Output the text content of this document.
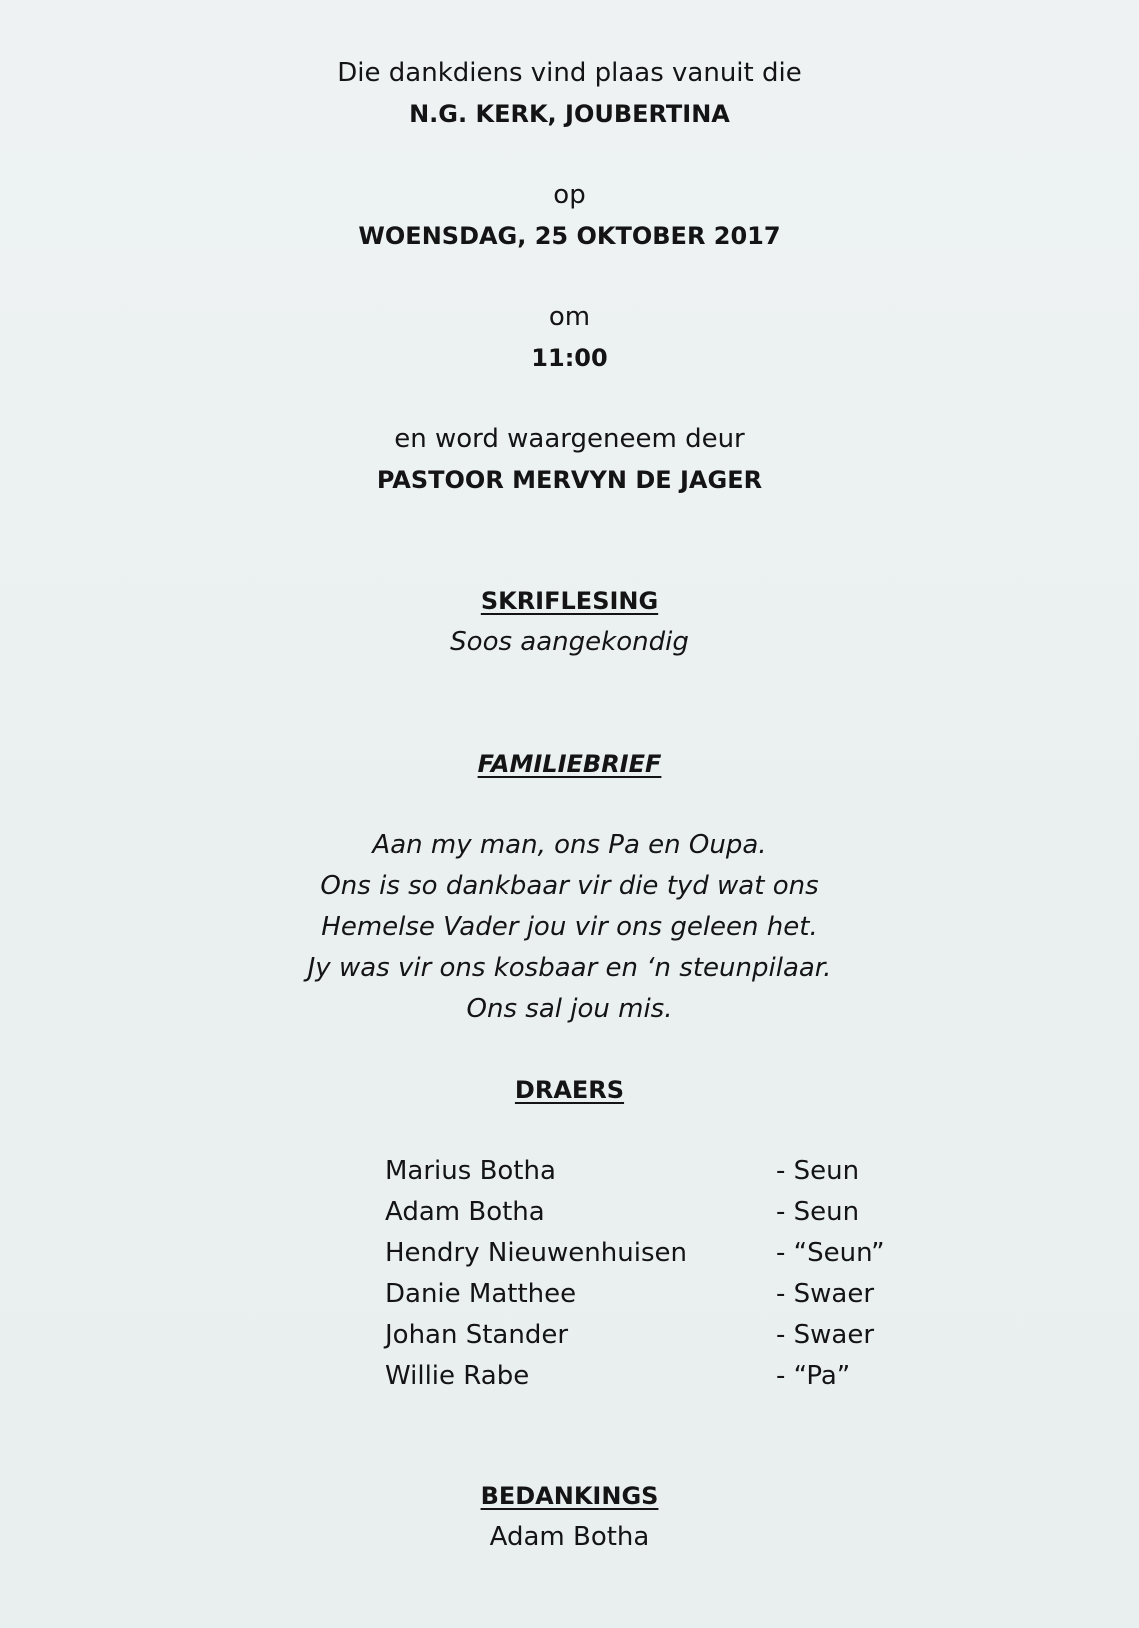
Die dankdiens vind plaas vanuit die
N.G. KERK, JOUBERTINA
op
WOENSDAG, 25 OKTOBER 2017
om
11:00
en word waargeneem deur
PASTOOR MERVYN DE JAGER
SKRIFLESING
Soos aangekondig
FAMILIEBRIEF
Aan my man, ons Pa en Oupa.
Ons is so dankbaar vir die tyd wat ons
Hemelse Vader jou vir ons geleen het.
Jy was vir ons kosbaar en ‘n steunpilaar.
Ons sal jou mis.
DRAERS
Marius Botha	- Seun
Adam Botha	- Seun
Hendry Nieuwenhuisen	- “Seun”
Danie Matthee	- Swaer
Johan Stander	- Swaer
Willie Rabe	- “Pa”
BEDANKINGS
Adam Botha
